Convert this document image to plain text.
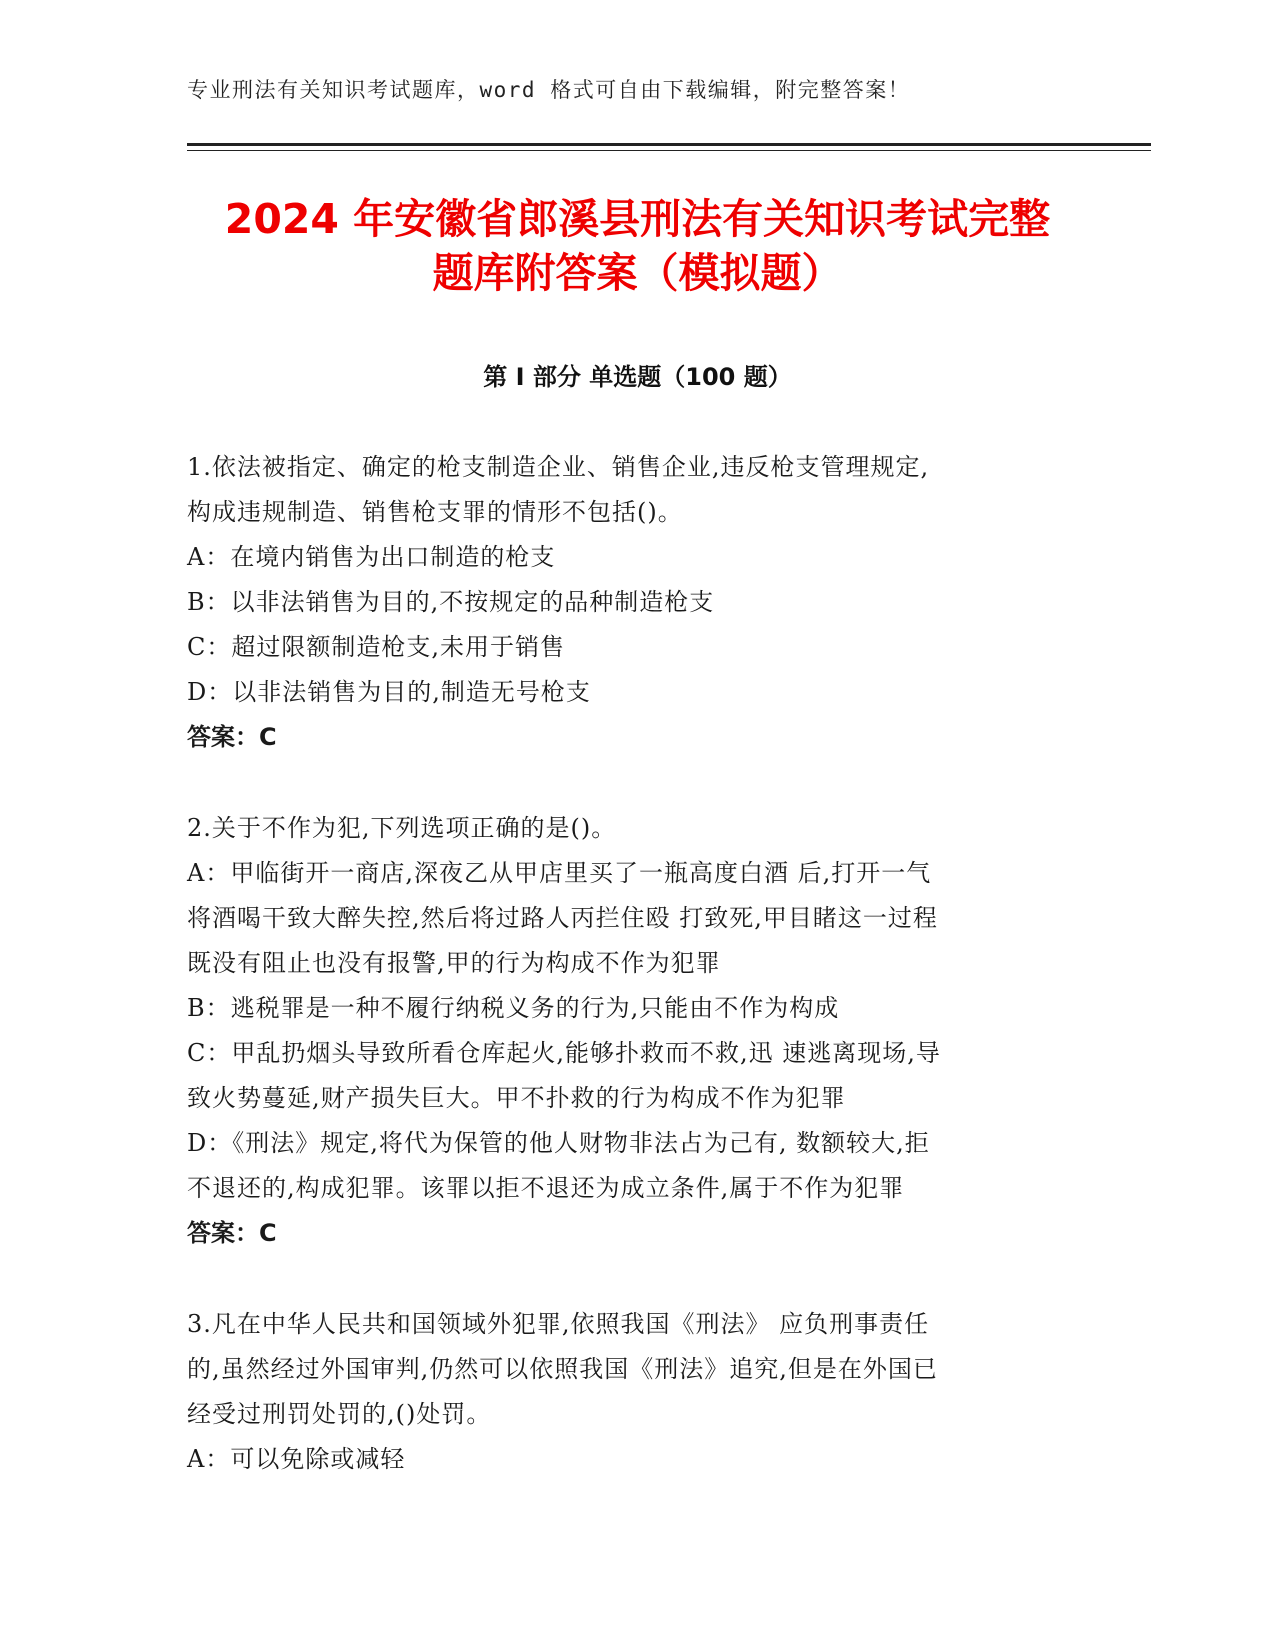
专业刑法有关知识考试题库，word 格式可自由下载编辑，附完整答案！
2024 年安徽省郎溪县刑法有关知识考试完整
题库附答案（模拟题）
第 I 部分 单选题（100 题）

1.依法被指定、确定的枪支制造企业、销售企业,违反枪支管理规定,

构成违规制造、销售枪支罪的情形不包括()。

A：在境内销售为出口制造的枪支

B：以非法销售为目的,不按规定的品种制造枪支

C：超过限额制造枪支,未用于销售

D：以非法销售为目的,制造无号枪支

答案：C

2.关于不作为犯,下列选项正确的是()。

A：甲临街开一商店,深夜乙从甲店里买了一瓶高度白酒 后,打开一气

将酒喝干致大醉失控,然后将过路人丙拦住殴 打致死,甲目睹这一过程

既没有阻止也没有报警,甲的行为构成不作为犯罪

B：逃税罪是一种不履行纳税义务的行为,只能由不作为构成

C：甲乱扔烟头导致所看仓库起火,能够扑救而不救,迅 速逃离现场,导

致火势蔓延,财产损失巨大。甲不扑救的行为构成不作为犯罪

D：《刑法》规定,将代为保管的他人财物非法占为己有, 数额较大,拒

不退还的,构成犯罪。该罪以拒不退还为成立条件,属于不作为犯罪

答案：C

3.凡在中华人民共和国领域外犯罪,依照我国《刑法》 应负刑事责任

的,虽然经过外国审判,仍然可以依照我国《刑法》追究,但是在外国已

经受过刑罚处罚的,()处罚。

A：可以免除或减轻
